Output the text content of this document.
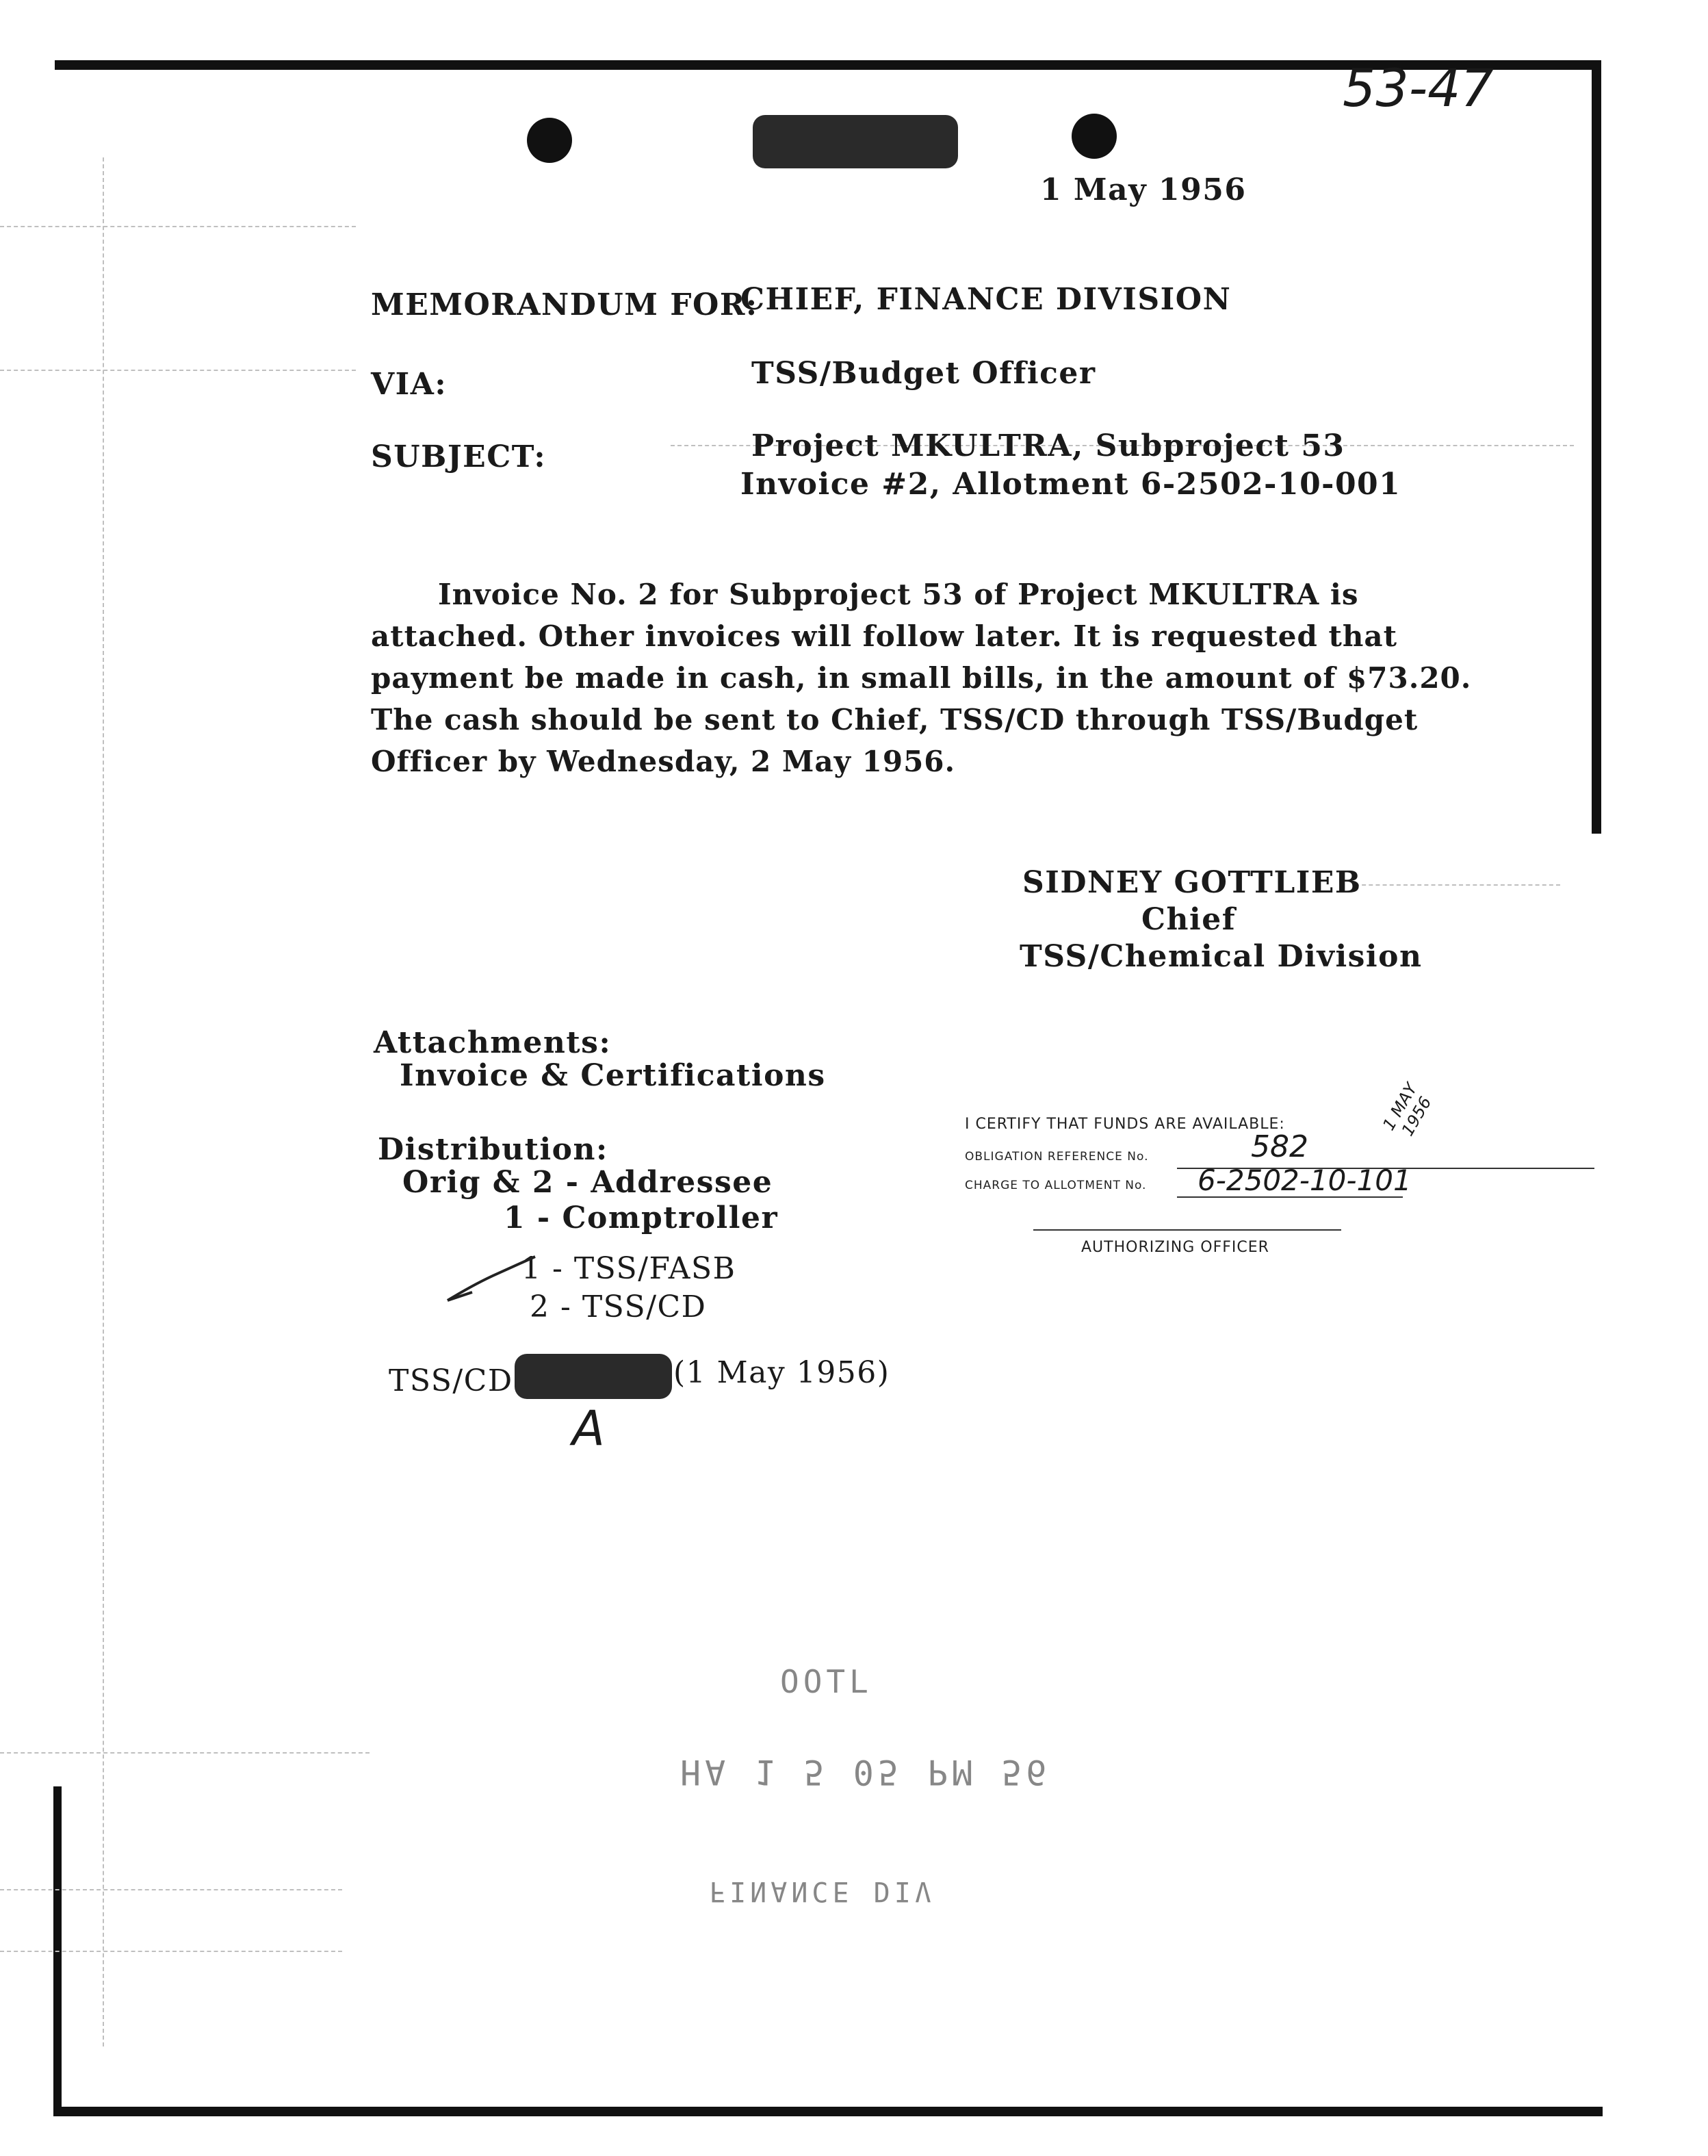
53-47
1 May 1956
MEMORANDUM FOR:
CHIEF, FINANCE DIVISION
VIA:	TSS/Budget Officer
SUBJECT:	Project MKULTRA, Subproject 53
Invoice #2, Allotment 6-2502-10-001
Invoice No. 2 for Subproject 53 of Project MKULTRA is
attached. Other invoices will follow later. It is requested that
payment be made in cash, in small bills, in the amount of $73.20.
The cash should be sent to Chief, TSS/CD through TSS/Budget
Officer by Wednesday, 2 May 1956.
SIDNEY GOTTLIEB
Chief
TSS/Chemical Division
Attachments:
Invoice & Certifications
Distribution:
Orig & 2 - Addressee
1 - Comptroller
1 - TSS/FASB
2 - TSS/CD
TSS/CD	(1 May 1956)
A
I CERTIFY THAT FUNDS ARE AVAILABLE:
OBLIGATION REFERENCE No.	582
CHARGE TO ALLOTMENT No. 6-2502-10-101
AUTHORIZING OFFICER
1 MAY 1956
OOTL
HA 1 5 05 PM 56
FINANCE DIV
